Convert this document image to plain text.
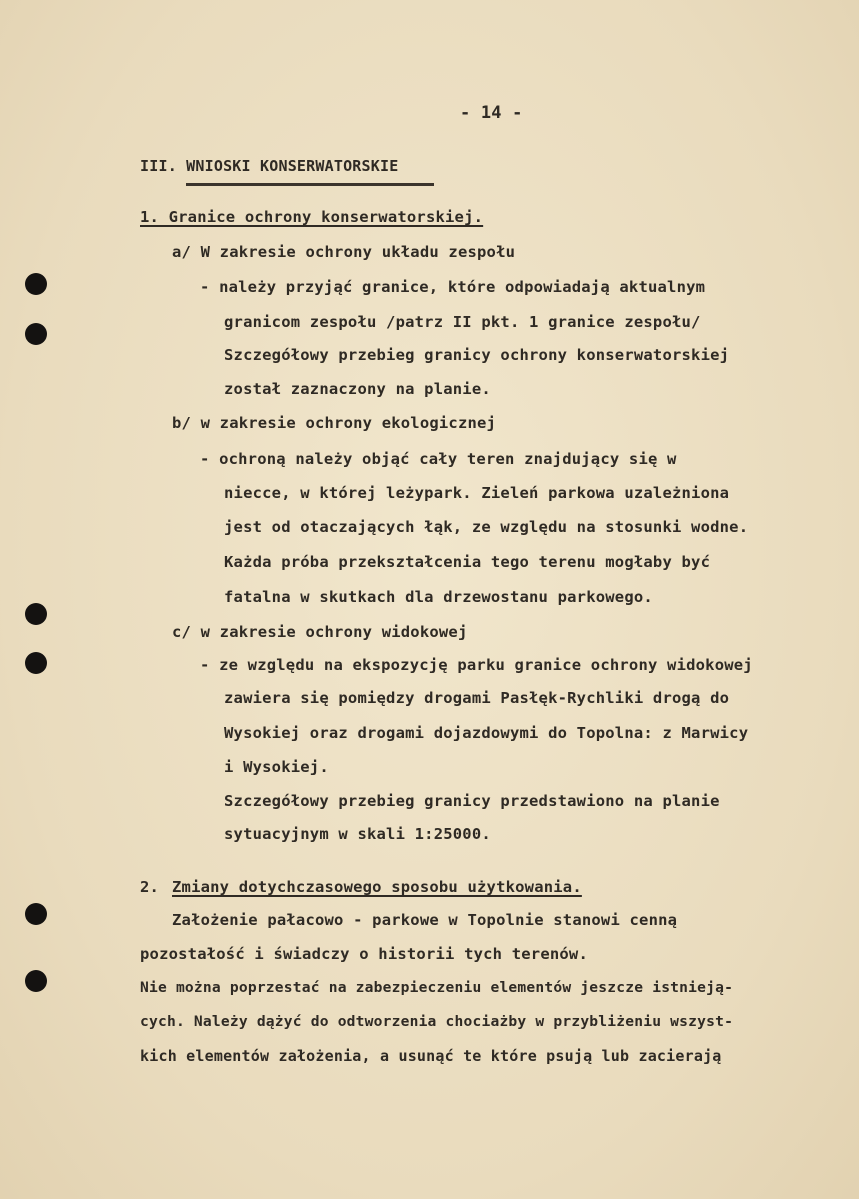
- 14 -
III. WNIOSKI KONSERWATORSKIE
1. Granice ochrony konserwatorskiej.
a/ W zakresie ochrony układu zespołu
- należy przyjąć granice, które odpowiadają aktualnym
granicom zespołu /patrz II pkt. 1 granice zespołu/
Szczegółowy przebieg granicy ochrony konserwatorskiej
został zaznaczony na planie.
b/ w zakresie ochrony ekologicznej
- ochroną należy objąć cały teren znajdujący się w
niecce, w której leżypark. Zieleń parkowa uzależniona
jest od otaczających łąk, ze względu na stosunki wodne.
Każda próba przekształcenia tego terenu mogłaby być
fatalna w skutkach dla drzewostanu parkowego.
c/ w zakresie ochrony widokowej
- ze względu na ekspozycję parku granice ochrony widokowej
zawiera się pomiędzy drogami Pasłęk-Rychliki drogą do
Wysokiej oraz drogami dojazdowymi do Topolna: z Marwicy
i Wysokiej.
Szczegółowy przebieg granicy przedstawiono na planie
sytuacyjnym w skali 1:25000.
2. Zmiany dotychczasowego sposobu użytkowania.
Założenie pałacowo - parkowe w Topolnie stanowi cenną
pozostałość i świadczy o historii tych terenów.
Nie można poprzestać na zabezpieczeniu elementów jeszcze istnieją-
cych. Należy dążyć do odtworzenia chociażby w przybliżeniu wszyst-
kich elementów założenia, a usunąć te które psują lub zacierają
